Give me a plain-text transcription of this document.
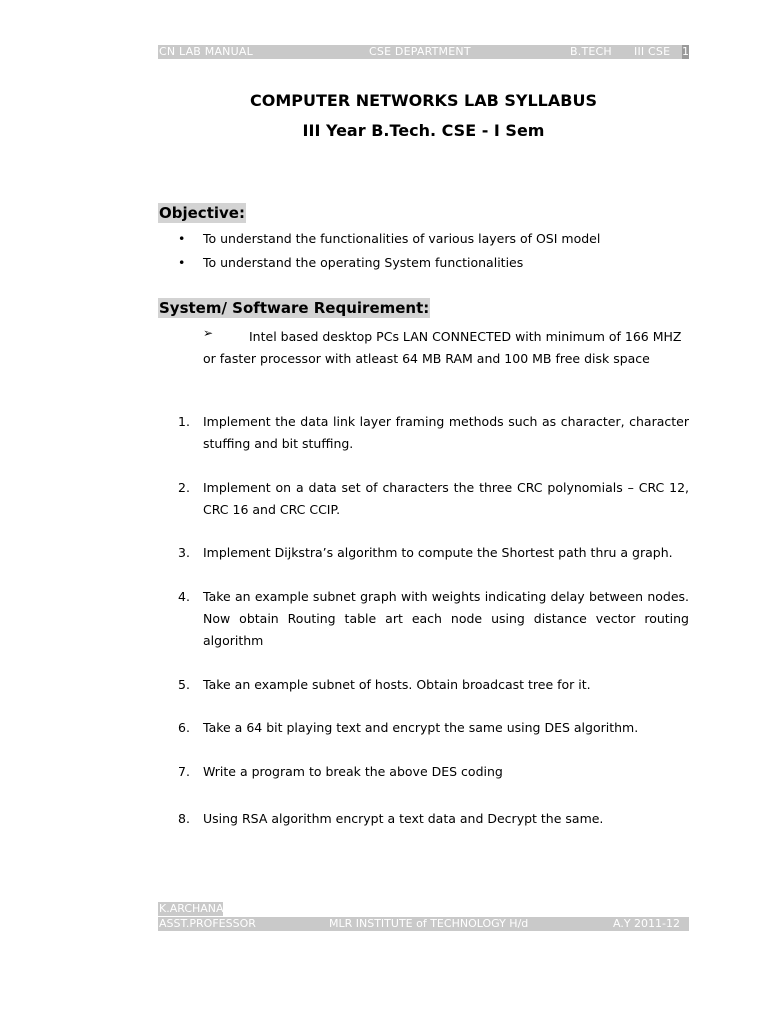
CN LAB MANUAL	CSE DEPARTMENT	B.TECH III CSE 1
COMPUTER NETWORKS LAB SYLLABUS
III Year B.Tech. CSE - I Sem
Objective:
• To understand the functionalities of various layers of OSI model
• To understand the operating System functionalities
System/ Software Requirement:
➢	Intel based desktop PCs LAN CONNECTED with minimum of 166 MHZ or faster processor with atleast 64 MB RAM and 100 MB free disk space
1.	Implement the data link layer framing methods such as character, character stuffing and bit stuffing.
2.	Implement on a data set of characters the three CRC polynomials – CRC 12, CRC 16 and CRC CCIP.
3.	Implement Dijkstra’s algorithm to compute the Shortest path thru a graph.
4.	Take an example subnet graph with weights indicating delay between nodes. Now obtain Routing table art each node using distance vector routing algorithm
5.	Take an example subnet of hosts. Obtain broadcast tree for it.
6.	Take a 64 bit playing text and encrypt the same using DES algorithm.
7.	Write a program to break the above DES coding
8.	Using RSA algorithm encrypt a text data and Decrypt the same.
K.ARCHANA
ASST.PROFESSOR	MLR INSTITUTE of TECHNOLOGY H/d	A.Y 2011-12
